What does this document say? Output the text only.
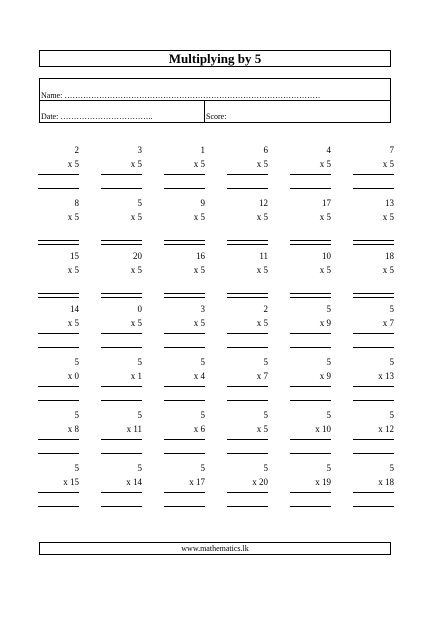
Multiplying by 5
Name: ……………………………………………………………………………………
Date: ……………………………..	Score:
2
x 5
3
x 5
1
x 5
6
x 5
4
x 5
7
x 5
8
x 5
5
x 5
9
x 5
12
x 5
17
x 5
13
x 5
15
x 5
20
x 5
16
x 5
11
x 5
10
x 5
18
x 5
14
x 5
0
x 5
3
x 5
2
x 5
5
x 9
5
x 7
5
x 0
5
x 1
5
x 4
5
x 7
5
x 9
5
x 13
5
x 8
5
x 11
5
x 6
5
x 5
5
x 10
5
x 12
5
x 15
5
x 14
5
x 17
5
x 20
5
x 19
5
x 18
www.mathematics.lk
